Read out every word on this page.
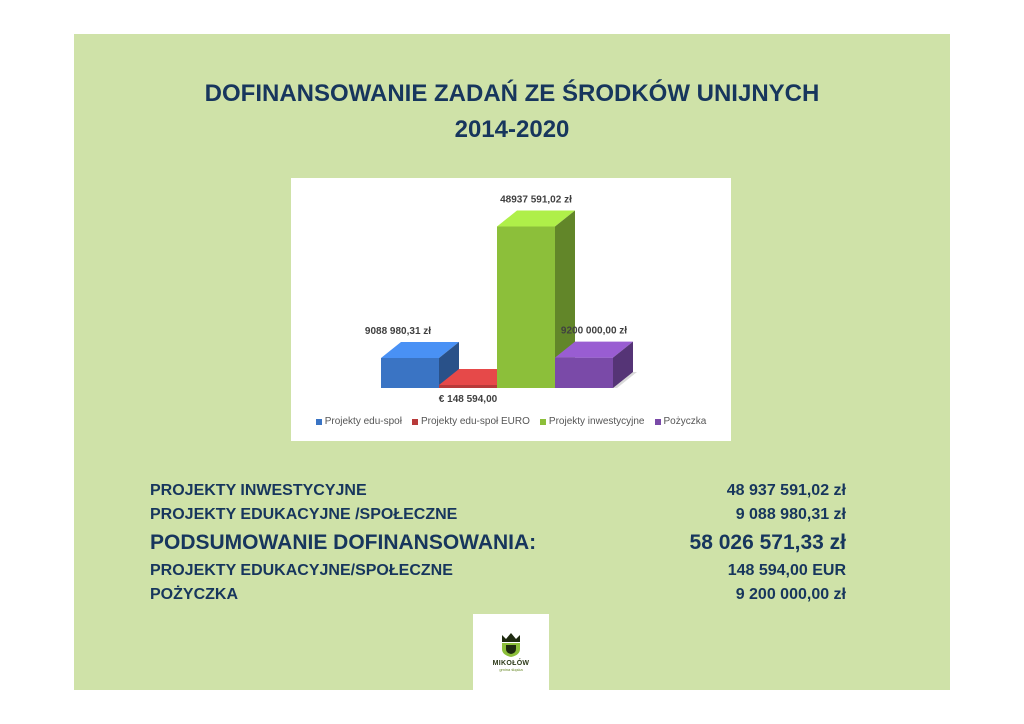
DOFINANSOWANIE ZADAŃ ZE ŚRODKÓW UNIJNYCH
2014-2020
9088 980,31 zł
€ 148 594,00
48937 591,02 zł
9200 000,00 zł
Projekty edu-społ Projekty edu-społ EURO Projekty inwestycyjne Pożyczka
PROJEKTY INWESTYCYJNE	48 937 591,02 zł
PROJEKTY EDUKACYJNE /SPOŁECZNE	9 088 980,31 zł
PODSUMOWANIE DOFINANSOWANIA:	58 026 571,33 zł
PROJEKTY EDUKACYJNE/SPOŁECZNE	148 594,00 EUR
POŻYCZKA	9 200 000,00 zł
MIKOŁÓW
gmina śląska
